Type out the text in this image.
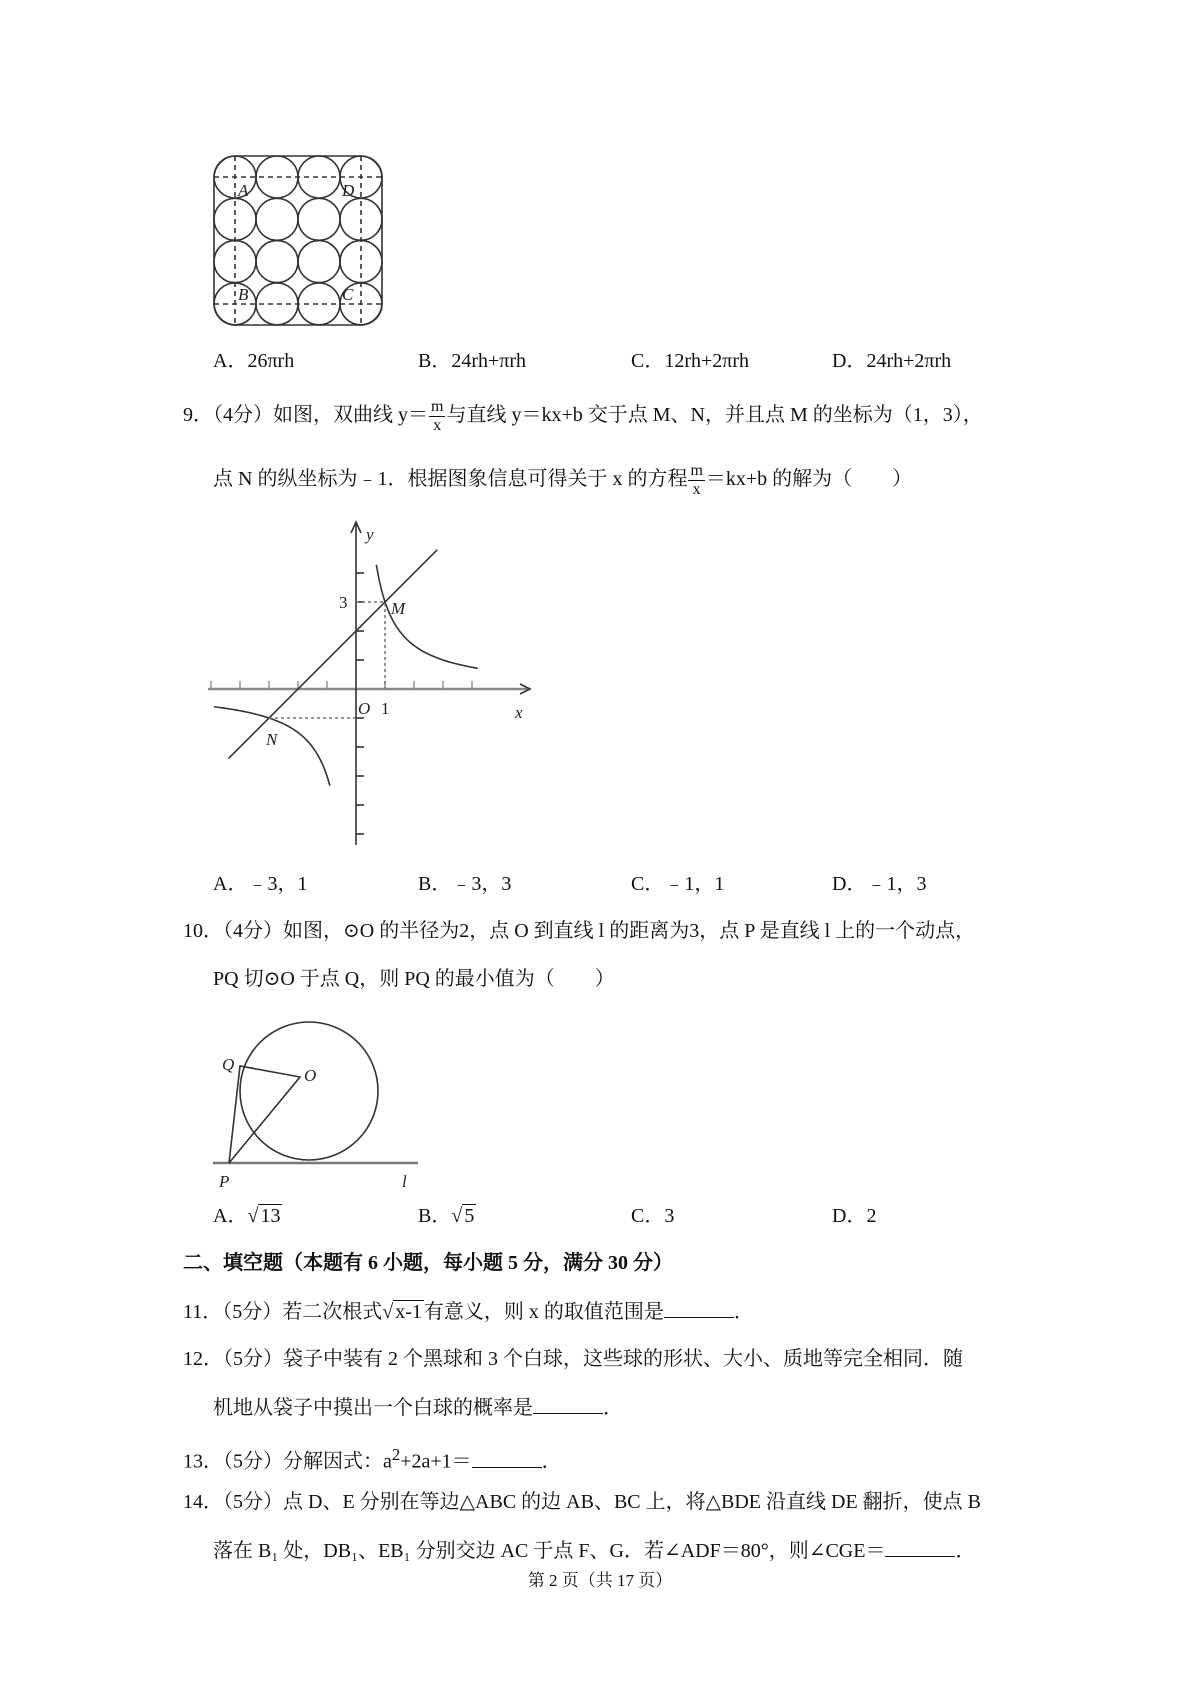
A	D
B	C
A．26πrh	B．24rh+πrh	C．12rh+2πrh	D．24rh+2πrh
9．（4分）如图，双曲线 $y= \frac{m}{x}$ 与直线 y＝kx+b 交于点 M、N，并且点 M 的坐标为（1，3），
点 N 的纵坐标为﹣1．根据图象信息可得关于 x 的方程 $\frac{m}{x} =kx+b$ 的解为（　　）
y
x
O 1
3	M
N
A．﹣3，1	B．﹣3，3	C．﹣1，1	D．﹣1，3
10．（4分）如图，⊙O 的半径为2，点 O 到直线 l 的距离为3，点 P 是直线 l 上的一个动点，
PQ 切⊙O 于点 Q，则 PQ 的最小值为（　　）
Q
O
P	l
A．√ 13	B．√ 5	C．3	D．2
二、填空题（本题有 6 小题，每小题 5 分，满分 30 分）
11．（5分）若二次根式√ x-1 有意义，则 x 的取值范围是	．
12．（5分）袋子中装有 2 个黑球和 3 个白球，这些球的形状、大小、质地等完全相同．随
机地从袋子中摸出一个白球的概率是	．
13．（5分）分解因式：$a^2+2a+1=$	．
14．（5分）点 D、E 分别在等边△ABC 的边 AB、BC 上，将△BDE 沿直线 DE 翻折，使点 B
落在 B₁ 处，DB₁、EB₁ 分别交边 AC 于点 F、G．若∠ADF＝80°，则∠CGE＝	．
第 2 页（共 17 页）
